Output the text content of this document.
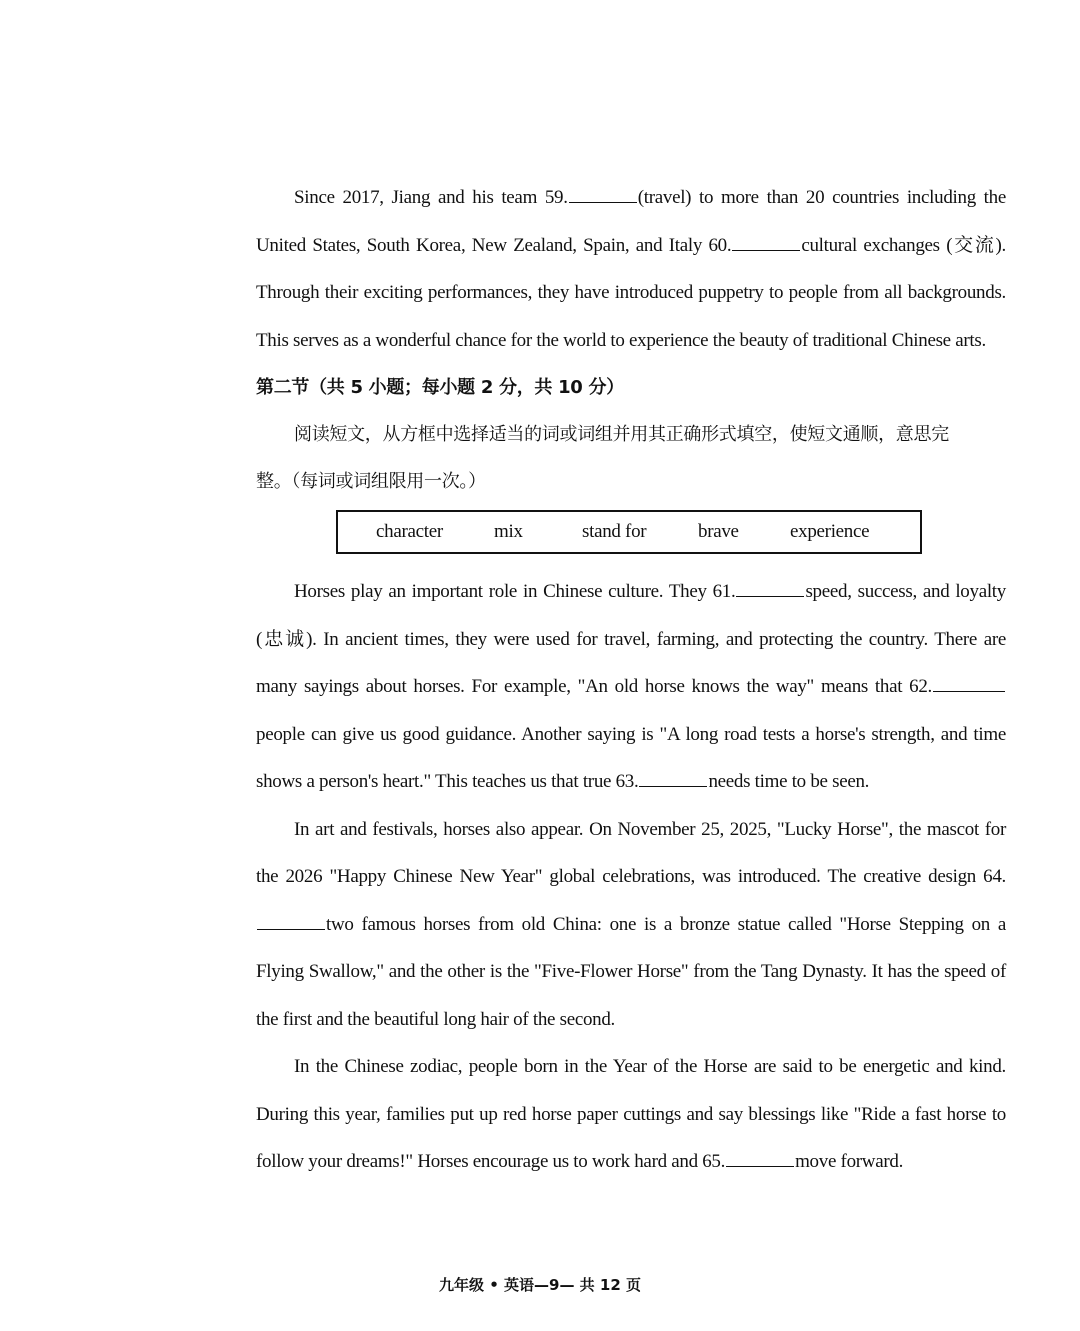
Since 2017, Jiang and his team 59.	(travel) to more than 20 countries including the United States, South Korea, New Zealand, Spain, and Italy 60.	cultural exchanges (交流). Through their exciting performances, they have introduced puppetry to people from all backgrounds. This serves as a wonderful chance for the world to experience the beauty of traditional Chinese arts.

第二节（共 5 小题；每小题 2 分，共 10 分）

阅读短文，从方框中选择适当的词或词组并用其正确形式填空，使短文通顺，意思完

整。（每词或词组限用一次。）

character	mix	stand for	brave	experience

Horses play an important role in Chinese culture. They 61.	speed, success, and loyalty (忠诚). In ancient times, they were used for travel, farming, and protecting the country. There are many sayings about horses. For example, "An old horse knows the way" means that 62. people can give us good guidance. Another saying is "A long road tests a horse's strength, and time shows a person's heart." This teaches us that true 63.	needs time to be seen.

In art and festivals, horses also appear. On November 25, 2025, "Lucky Horse", the mascot for the 2026 "Happy Chinese New Year" global celebrations, was introduced. The creative design 64.two famous horses from old China: one is a bronze statue called "Horse Stepping on a Flying Swallow," and the other is the "Five-Flower Horse" from the Tang Dynasty. It has the speed of the first and the beautiful long hair of the second.

In the Chinese zodiac, people born in the Year of the Horse are said to be energetic and kind. During this year, families put up red horse paper cuttings and say blessings like "Ride a fast horse to follow your dreams!" Horses encourage us to work hard and 65.	move forward.

九年级 • 英语—9— 共 12 页
